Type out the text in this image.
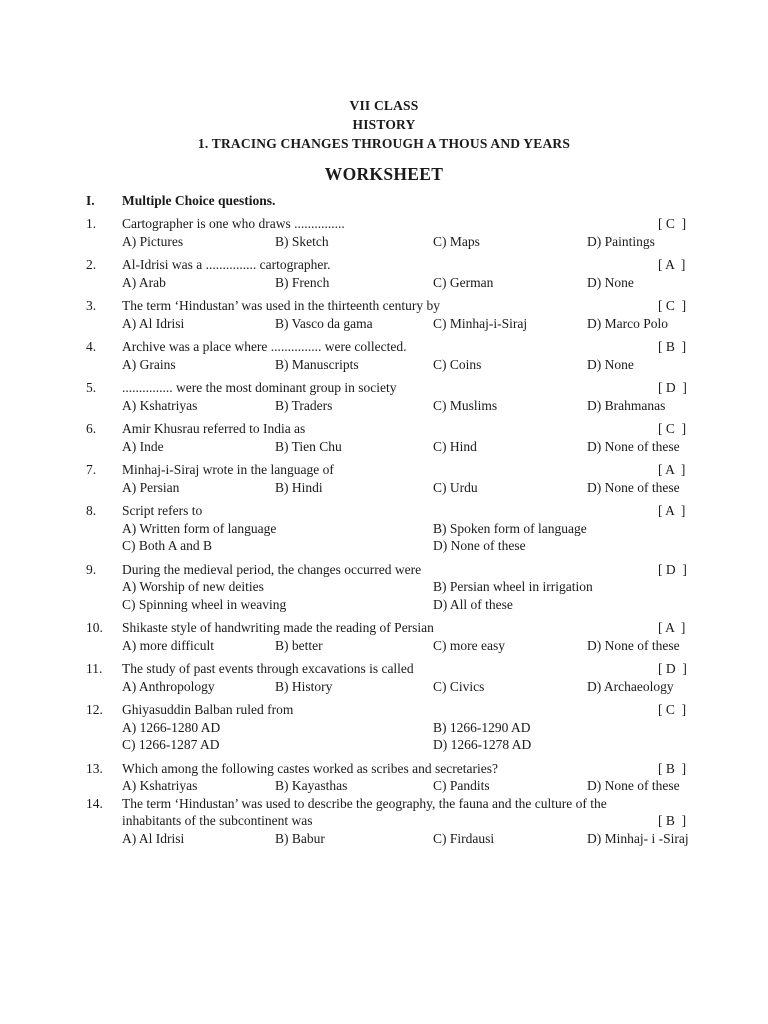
VII CLASS
HISTORY
1. TRACING CHANGES THROUGH A THOUS AND YEARS
WORKSHEET
I. Multiple Choice questions.
1.	Cartographer is one who draws ...............	[ C  ]
A) Pictures	B) Sketch	C) Maps	D) Paintings
2.	Al-Idrisi was a ............... cartographer.	[ A  ]
A) Arab	B) French	C) German	D) None
3.	The term ‘Hindustan’ was used in the thirteenth century by	[ C  ]
A) Al Idrisi	B) Vasco da gama	C) Minhaj-i-Siraj	D) Marco Polo
4.	Archive was a place where ............... were collected.	[ B  ]
A) Grains	B) Manuscripts	C) Coins	D) None
5.	............... were the most dominant group in society	[ D  ]
A) Kshatriyas	B) Traders	C) Muslims	D) Brahmanas
6.	Amir Khusrau referred to India as	[ C  ]
A) Inde	B) Tien Chu	C) Hind	D) None of these
7.	Minhaj-i-Siraj wrote in the language of	[ A  ]
A) Persian	B) Hindi	C) Urdu	D) None of these
8.	Script refers to	[ A  ]
A) Written form of language	B) Spoken form of language
C) Both A and B	D) None of these
9.	During the medieval period, the changes occurred were	[ D  ]
A) Worship of new deities	B) Persian wheel in irrigation
C) Spinning wheel in weaving	D) All of these
10.	Shikaste style of handwriting made the reading of Persian	[ A  ]
A) more difficult	B) better	C) more easy	D) None of these
11.	The study of past events through excavations is called	[ D  ]
A) Anthropology	B) History	C) Civics	D) Archaeology
12.	Ghiyasuddin Balban ruled from	[ C  ]
A) 1266-1280 AD	B) 1266-1290 AD
C) 1266-1287 AD	D) 1266-1278 AD
13.	Which among the following castes worked as scribes and secretaries?	[ B  ]
A) Kshatriyas	B) Kayasthas	C) Pandits	D) None of these
14.	The term ‘Hindustan’ was used to describe the geography, the fauna and the culture of the
inhabitants of the subcontinent was	[ B  ]
A) Al Idrisi	B) Babur	C) Firdausi	D) Minhaj- i -Siraj
